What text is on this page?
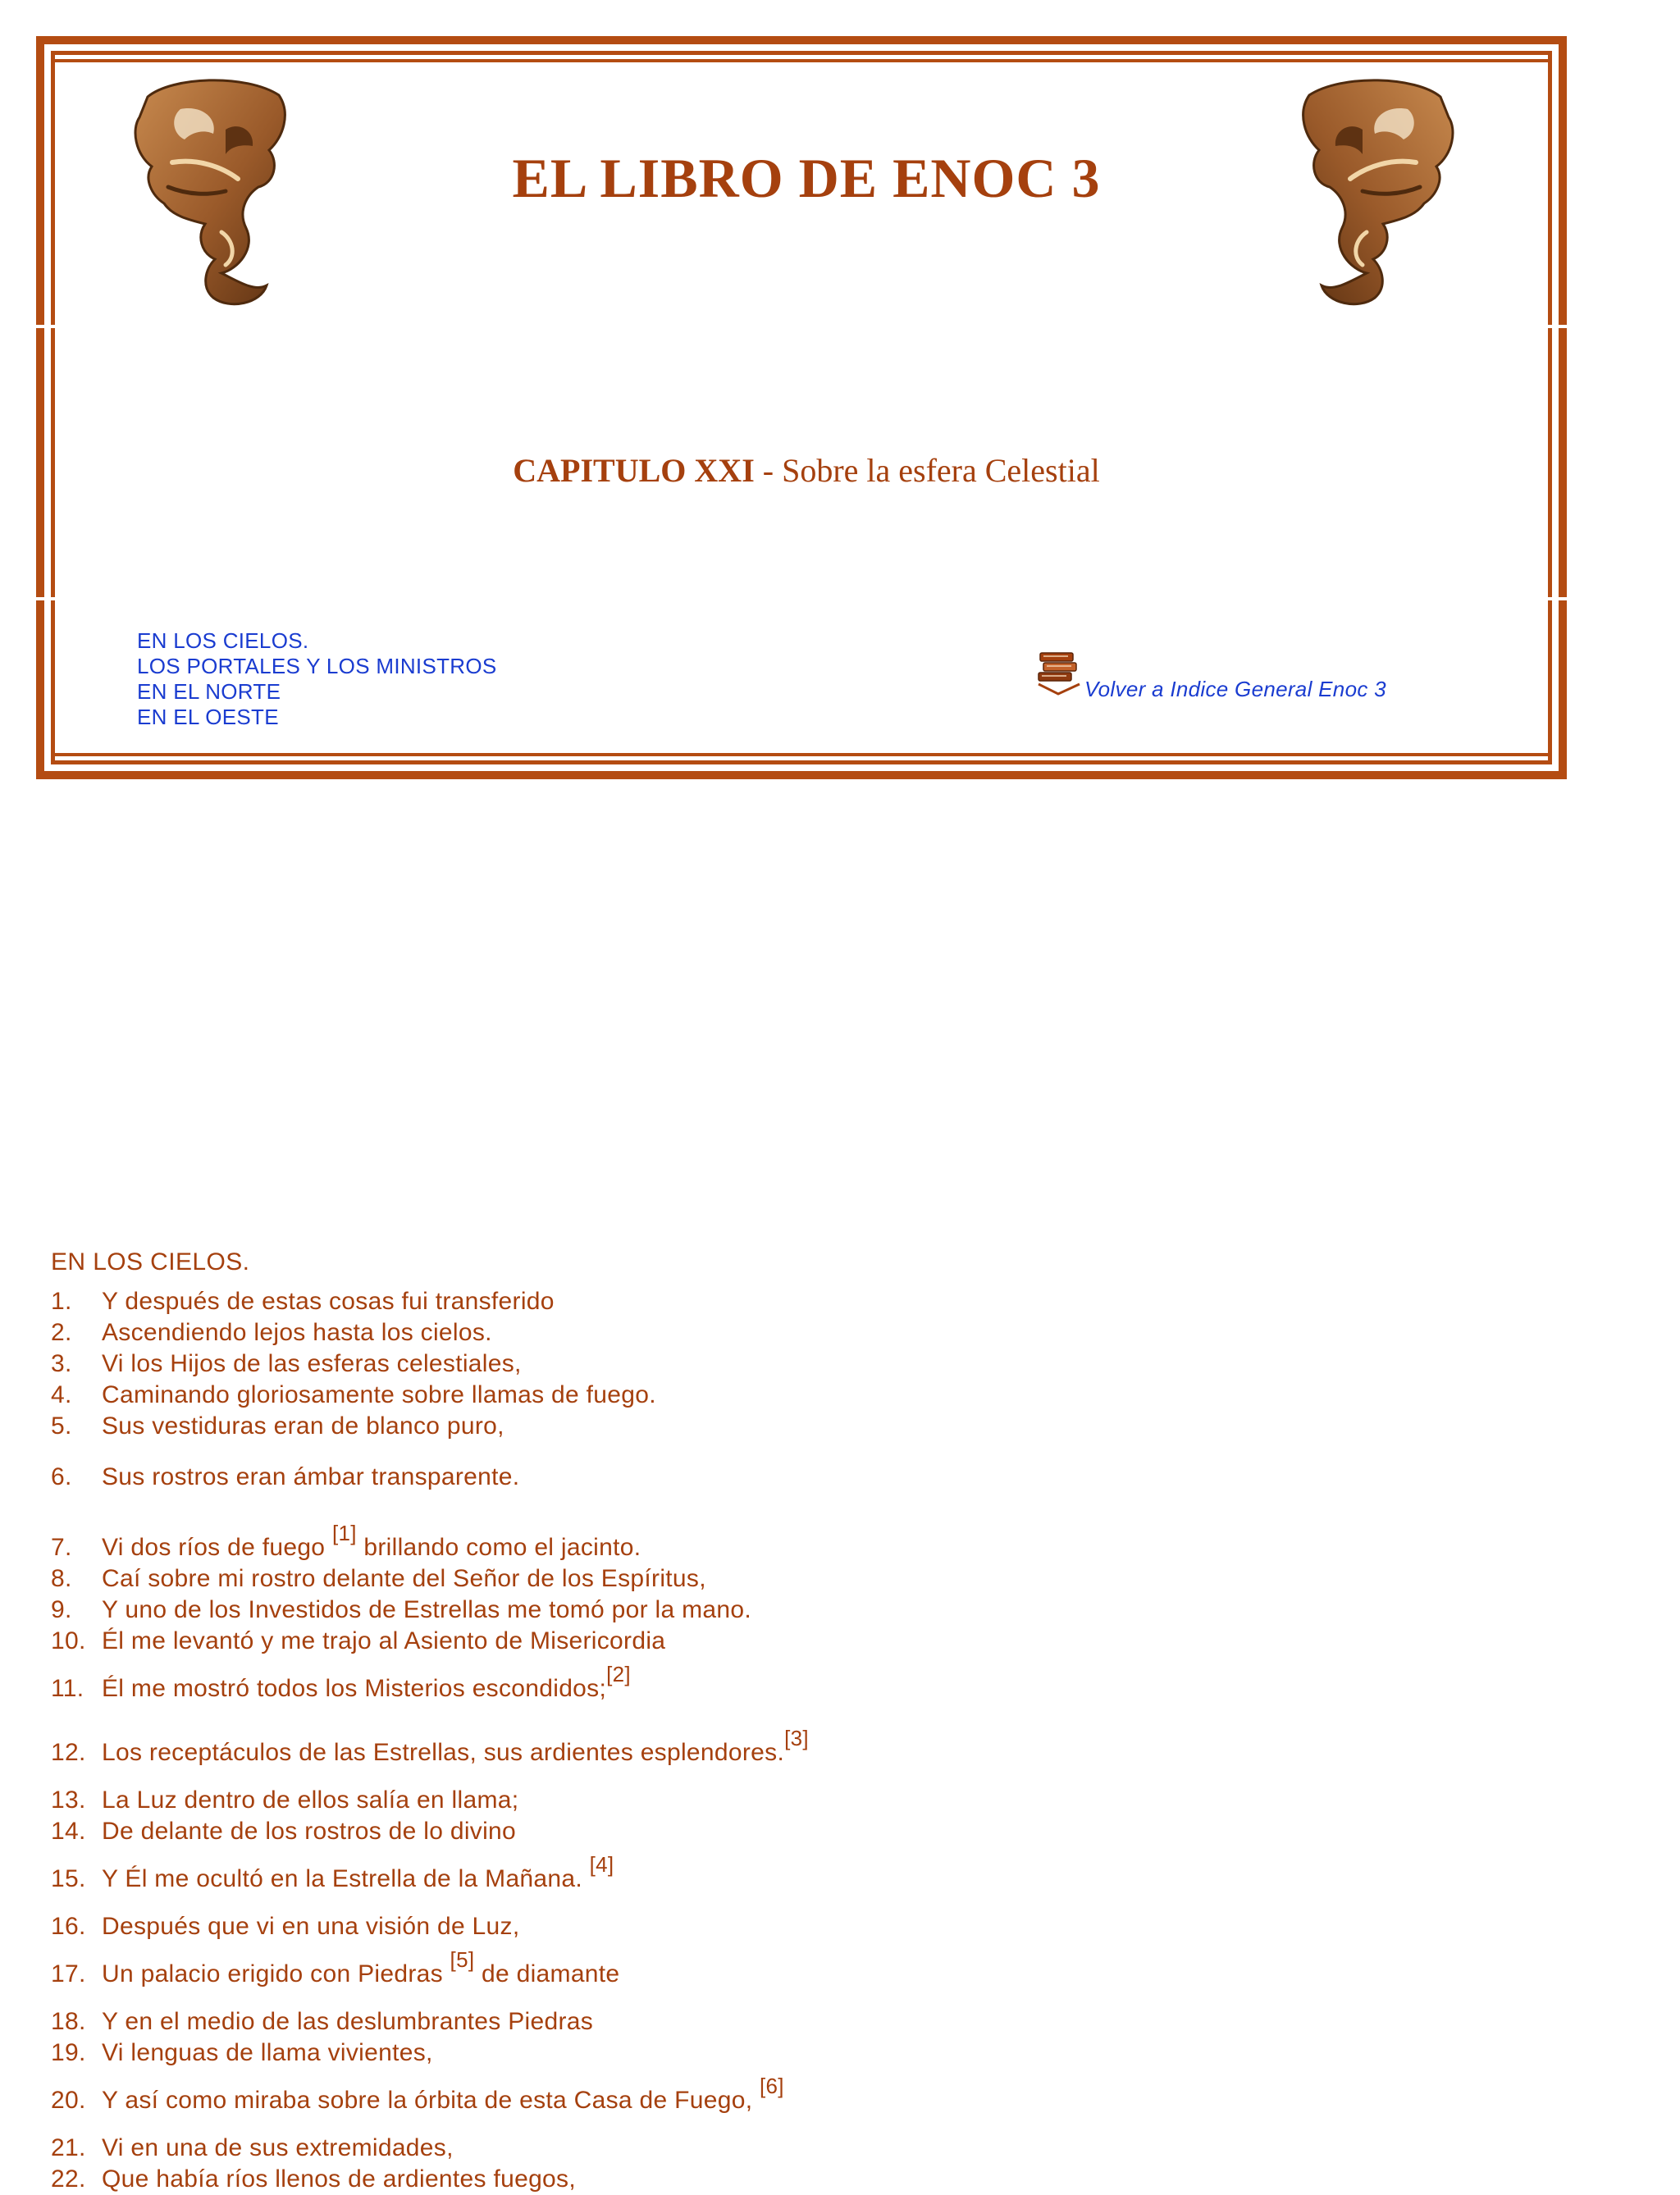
EL LIBRO DE ENOC 3

CAPITULO XXI - Sobre la esfera Celestial

EN LOS CIELOS.
LOS PORTALES Y LOS MINISTROS
EN EL NORTE
EN EL OESTE
Volver a Indice General Enoc 3
EN LOS CIELOS.
1. Y después de estas cosas fui transferido
2. Ascendiendo lejos hasta los cielos.
3. Vi los Hijos de las esferas celestiales,
4. Caminando gloriosamente sobre llamas de fuego.
5. Sus vestiduras eran de blanco puro,
6. Sus rostros eran ámbar transparente.
7. Vi dos ríos de fuego [1] brillando como el jacinto.
8. Caí sobre mi rostro delante del Señor de los Espíritus,
9. Y uno de los Investidos de Estrellas me tomó por la mano.
10. Él me levantó y me trajo al Asiento de Misericordia
11. Él me mostró todos los Misterios escondidos;[2]
12. Los receptáculos de las Estrellas, sus ardientes esplendores.[3]
13. La Luz dentro de ellos salía en llama;
14. De delante de los rostros de lo divino
15. Y Él me ocultó en la Estrella de la Mañana. [4]
16. Después que vi en una visión de Luz,
17. Un palacio erigido con Piedras [5] de diamante
18. Y en el medio de las deslumbrantes Piedras
19. Vi lenguas de llama vivientes,
20. Y así como miraba sobre la órbita de esta Casa de Fuego, [6]
21. Vi en una de sus extremidades,
22. Que había ríos llenos de ardientes fuegos,
